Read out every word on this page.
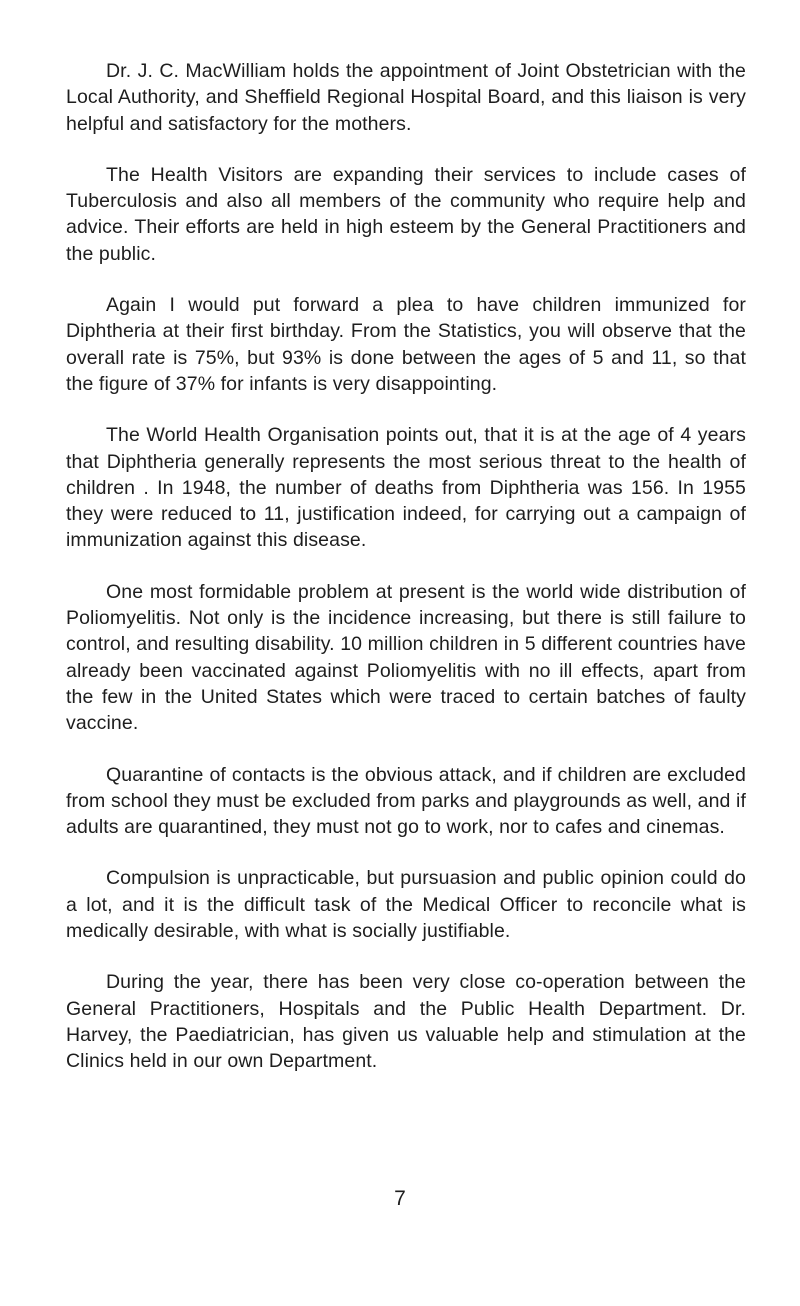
Dr. J. C. MacWilliam holds the appointment of Joint Obstetrician with the Local Authority, and Sheffield Regional Hospital Board, and this liaison is very helpful and satisfactory for the mothers.

The Health Visitors are expanding their services to include cases of Tuberculosis and also all members of the community who require help and advice. Their efforts are held in high esteem by the General Practitioners and the public.

Again I would put forward a plea to have children immunized for Diphtheria at their first birthday. From the Statistics, you will observe that the overall rate is 75%, but 93% is done between the ages of 5 and 11, so that the figure of 37% for infants is very disappointing.

The World Health Organisation points out, that it is at the age of 4 years that Diphtheria generally represents the most serious threat to the health of children . In 1948, the number of deaths from Diphtheria was 156. In 1955 they were reduced to 11, justification indeed, for carrying out a campaign of immunization against this disease.

One most formidable problem at present is the world wide distribution of Poliomyelitis. Not only is the incidence increasing, but there is still failure to control, and resulting disability. 10 million children in 5 different countries have already been vaccinated against Poliomyelitis with no ill effects, apart from the few in the United States which were traced to certain batches of faulty vaccine.

Quarantine of contacts is the obvious attack, and if children are excluded from school they must be excluded from parks and playgrounds as well, and if adults are quarantined, they must not go to work, nor to cafes and cinemas.

Compulsion is unpracticable, but pursuasion and public opinion could do a lot, and it is the difficult task of the Medical Officer to reconcile what is medically desirable, with what is socially justifiable.

During the year, there has been very close co-operation between the General Practitioners, Hospitals and the Public Health Department. Dr. Harvey, the Paediatrician, has given us valuable help and stimulation at the Clinics held in our own Department.

7
